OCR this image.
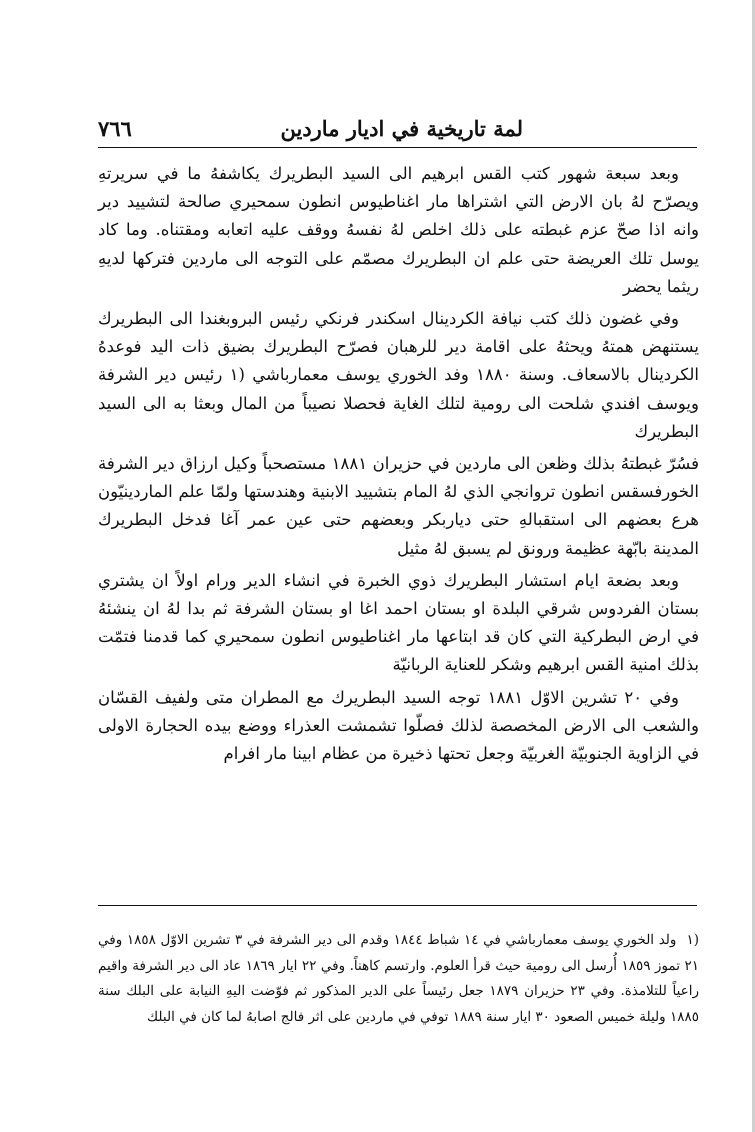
٧٦٦	لمة تاريخية في اديار ماردين

وبعد سبعة شهور كتب القس ابرهيم الى السيد البطريرك يكاشفهُ ما في سريرتهِ ويصرّح لهُ بان الارض التي اشتراها مار اغناطيوس انطون سمحيري صالحة لتشييد دير وانه اذا صحّ عزم غبطته على ذلك اخلص لهُ نفسهُ ووقف عليه اتعابه ومقتناه. وما كاد يوسل تلك العريضة حتى علم ان البطريرك مصمّم على التوجه الى ماردين فتركها لديهِ ريثما يحضر

وفي غضون ذلك كتب نيافة الكردينال اسكندر فرنكي رئيس البروبغندا الى البطريرك يستنهض همتهُ ويحثهُ على اقامة دير للرهبان فصرّح البطريرك بضيق ذات اليد فوعدهُ الكردينال بالاسعاف. وسنة ١٨٨٠ وفد الخوري يوسف معمارباشي (١ رئيس دير الشرفة ويوسف افندي شلحت الى رومية لتلك الغاية فحصلا نصيباً من المال وبعثا به الى السيد البطريرك

فسُرّ غبطتهُ بذلك وظعن الى ماردين في حزيران ١٨٨١ مستصحباً وكيل ارزاق دير الشرفة الخورفسقس انطون تروانجي الذي لهُ المام بتشييد الابنية وهندستها ولمّا علم الماردينيّون هرع بعضهم الى استقبالهِ حتى دياربكر وبعضهم حتى عين عمر آغا فدخل البطريرك المدينة بابّهة عظيمة ورونق لم يسبق لهُ مثيل

وبعد بضعة ايام استشار البطريرك ذوي الخبرة في انشاء الدير ورام اولاً ان يشتري بستان الفردوس شرقي البلدة او بستان احمد اغا او بستان الشرفة ثم بدا لهُ ان ينشئهُ في ارض البطركية التي كان قد ابتاعها مار اغناطيوس انطون سمحيري كما قدمنا فتمّت بذلك امنية القس ابرهيم وشكر للعناية الربانيّة

وفي ٢٠ تشرين الاوّل ١٨٨١ توجه السيد البطريرك مع المطران متى ولفيف القسّان والشعب الى الارض المخصصة لذلك فصلّوا تشمشت العذراء ووضع بيده الحجارة الاولى في الزاوية الجنوبيّة الغربيّة وجعل تحتها ذخيرة من عظام ابينا مار افرام

(١ولد الخوري يوسف معمارباشي في ١٤ شباط ١٨٤٤ وقدم الى دير الشرفة في ٣ تشرين الاوّل ١٨٥٨ وفي ٢١ تموز ١٨٥٩ أُرسل الى رومية حيث قرأ العلوم. وارتسم كاهناً. وفي ٢٢ ايار ١٨٦٩ عاد الى دير الشرفة واقيم راعياً للتلامذة. وفي ٢٣ حزيران ١٨٧٩ جعل رئيساً على الدير المذكور ثم فوّضت اليهِ النيابة على البلك سنة ١٨٨٥ وليلة خميس الصعود ٣٠ ايار سنة ١٨٨٩ توفي في ماردين على اثر فالج اصابهُ لما كان في البلك
